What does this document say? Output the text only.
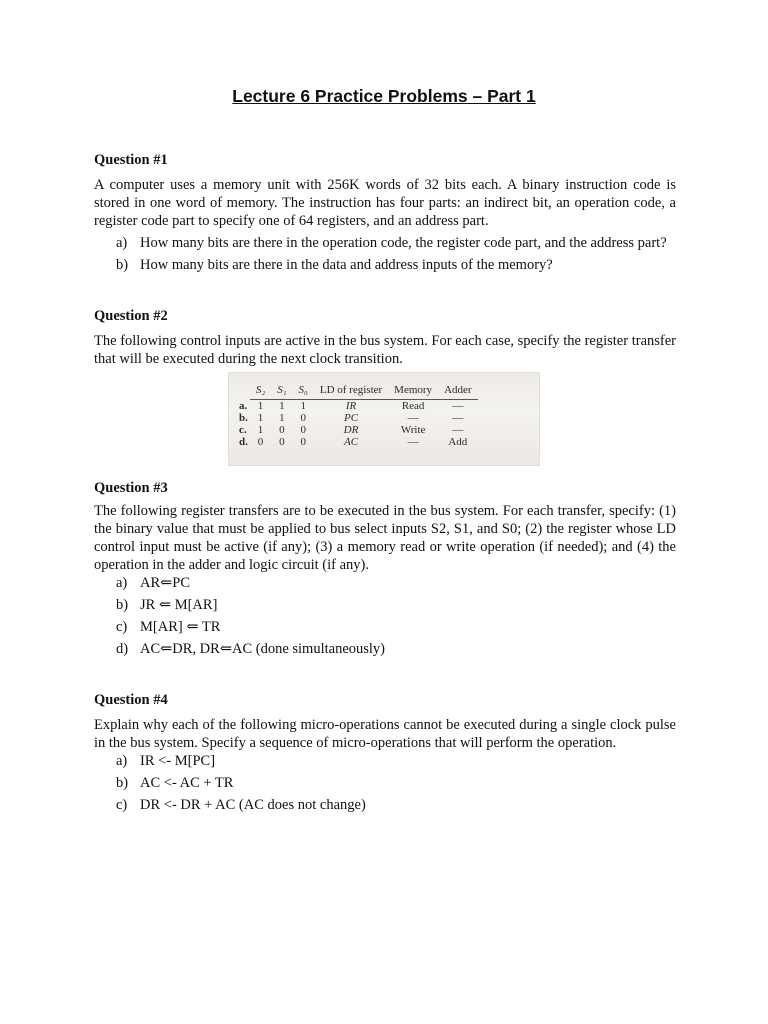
Lecture 6 Practice Problems – Part 1
Question #1

A computer uses a memory unit with 256K words of 32 bits each. A binary instruction code is stored in one word of memory. The instruction has four parts: an indirect bit, an operation code, a register code part to specify one of 64 registers, and an address part.

a) How many bits are there in the operation code, the register code part, and the address part?
b) How many bits are there in the data and address inputs of the memory?
Question #2

The following control inputs are active in the bus system. For each case, specify the register transfer that will be executed during the next clock transition.

	S₂	S₁	S₀	LD of register	Memory	Adder

a.	1	1	1	IR	Read	—
b.	1	1	0	PC	—	—
c.	1	0	0	DR	Write	—
d.	0	0	0	AC	—	Add
Question #3

The following register transfers are to be executed in the bus system. For each transfer, specify: (1) the binary value that must be applied to bus select inputs S2, S1, and S0; (2) the register whose LD control input must be active (if any); (3) a memory read or write operation (if needed); and (4) the operation in the adder and logic circuit (if any).

a) AR⇐PC
b) JR ⇐ M[AR]
c) M[AR] ⇐ TR
d) AC⇐DR, DR⇐AC (done simultaneously)
Question #4

Explain why each of the following micro-operations cannot be executed during a single clock pulse in the bus system. Specify a sequence of micro-operations that will perform the operation.

a) IR <- M[PC]
b) AC <- AC + TR
c) DR <- DR + AC (AC does not change)
